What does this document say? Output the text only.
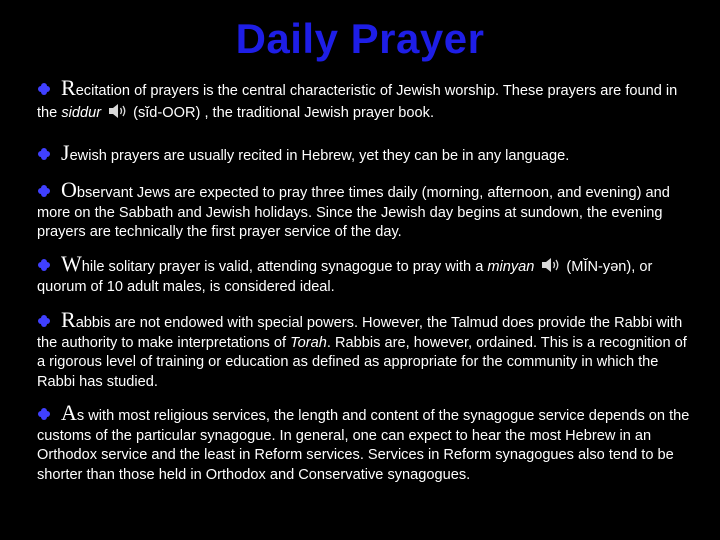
Daily Prayer
Recitation of prayers is the central characteristic of Jewish worship. These prayers are found in the siddur (sĭd-OOR) , the traditional Jewish prayer book.
Jewish prayers are usually recited in Hebrew, yet they can be in any language.
Observant Jews are expected to pray three times daily (morning, afternoon, and evening) and more on the Sabbath and Jewish holidays. Since the Jewish day begins at sundown, the evening prayers are technically the first prayer service of the day.
While solitary prayer is valid, attending synagogue to pray with a minyan (MĬN-yən), or quorum of 10 adult males, is considered ideal.
Rabbis are not endowed with special powers. However, the Talmud does provide the Rabbi with the authority to make interpretations of Torah. Rabbis are, however, ordained. This is a recognition of a rigorous level of training or education as defined as appropriate for the community in which the Rabbi has studied.
As with most religious services, the length and content of the synagogue service depends on the customs of the particular synagogue. In general, one can expect to hear the most Hebrew in an Orthodox service and the least in Reform services. Services in Reform synagogues also tend to be shorter than those held in Orthodox and Conservative synagogues.
